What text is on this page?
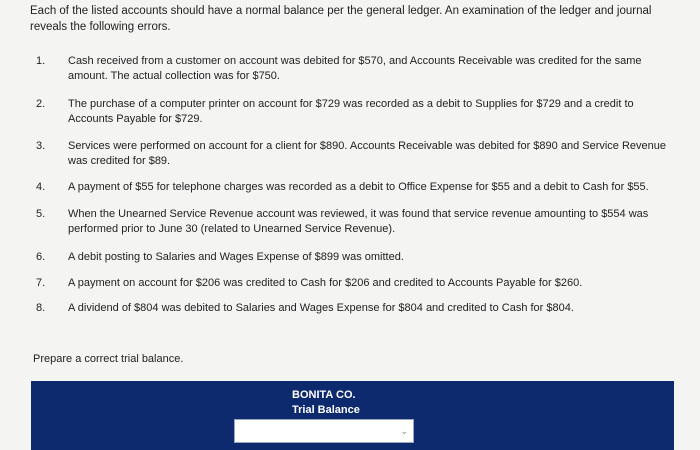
Each of the listed accounts should have a normal balance per the general ledger. An examination of the ledger and journal reveals the following errors.
1.	Cash received from a customer on account was debited for $570, and Accounts Receivable was credited for the same amount. The actual collection was for $750.
2.	The purchase of a computer printer on account for $729 was recorded as a debit to Supplies for $729 and a credit to Accounts Payable for $729.
3.	Services were performed on account for a client for $890. Accounts Receivable was debited for $890 and Service Revenue was credited for $89.
4.	A payment of $55 for telephone charges was recorded as a debit to Office Expense for $55 and a debit to Cash for $55.
5.	When the Unearned Service Revenue account was reviewed, it was found that service revenue amounting to $554 was performed prior to June 30 (related to Unearned Service Revenue).
6.	A debit posting to Salaries and Wages Expense of $899 was omitted.
7.	A payment on account for $206 was credited to Cash for $206 and credited to Accounts Payable for $260.
8.	A dividend of $804 was debited to Salaries and Wages Expense for $804 and credited to Cash for $804.
Prepare a correct trial balance.
BONITA CO.
Trial Balance
⌄
